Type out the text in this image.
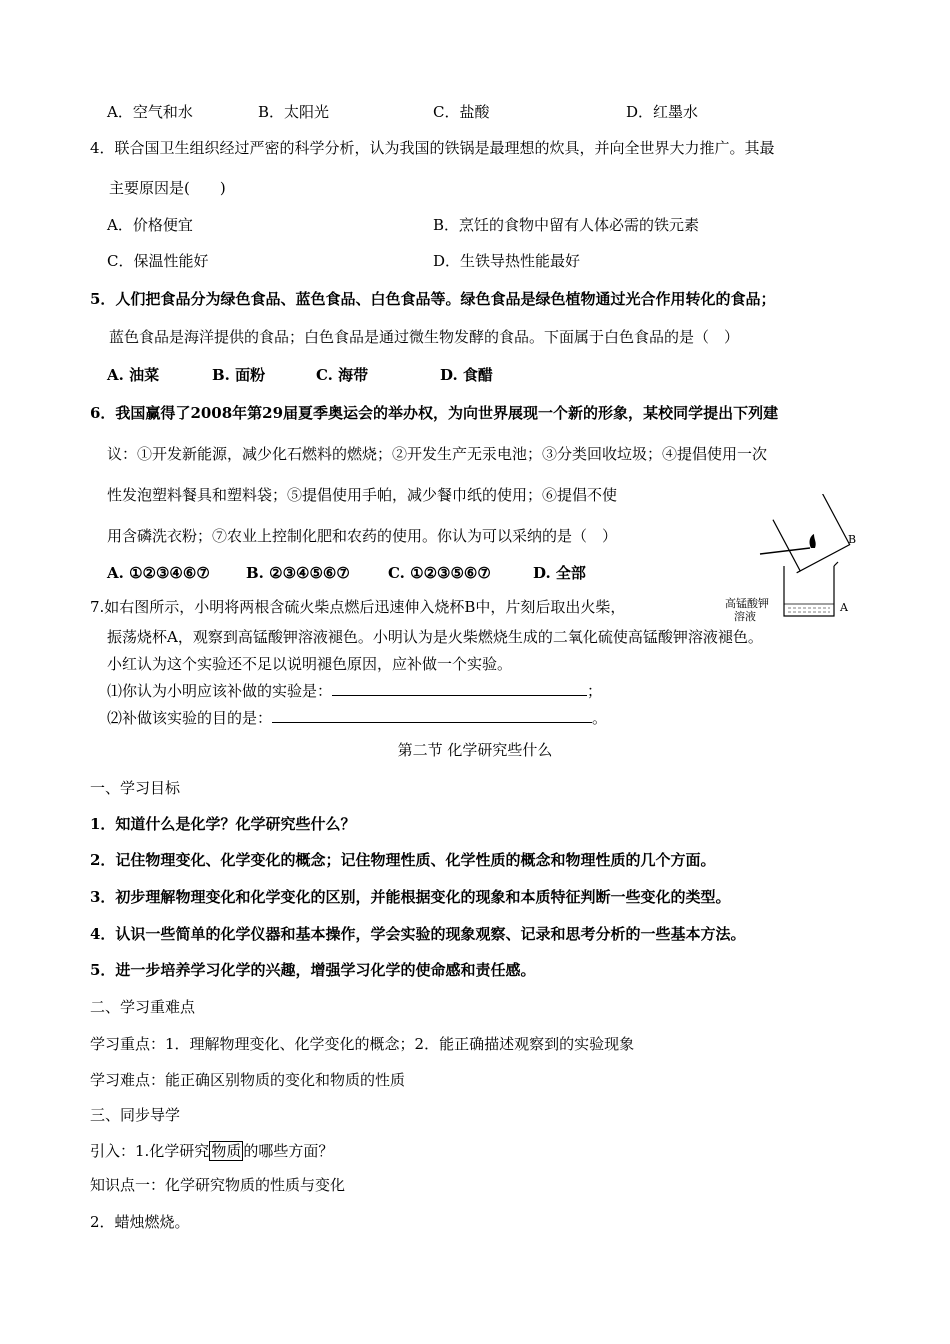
A．空气和水	B．太阳光	C．盐酸	D．红墨水
4．联合国卫生组织经过严密的科学分析，认为我国的铁锅是最理想的炊具，并向全世界大力推广。其最
主要原因是(　　)
A．价格便宜	B．烹饪的食物中留有人体必需的铁元素
C．保温性能好	D．生铁导热性能最好
5．人们把食品分为绿色食品、蓝色食品、白色食品等。绿色食品是绿色植物通过光合作用转化的食品；
蓝色食品是海洋提供的食品；白色食品是通过微生物发酵的食品。下面属于白色食品的是（　）
A. 油菜	B. 面粉	C. 海带	D. 食醋
6．我国赢得了2008年第29届夏季奥运会的举办权，为向世界展现一个新的形象，某校同学提出下列建
议：①开发新能源，减少化石燃料的燃烧；②开发生产无汞电池；③分类回收垃圾；④提倡使用一次
性发泡塑料餐具和塑料袋；⑤提倡使用手帕，减少餐巾纸的使用；⑥提倡不使
用含磷洗衣粉；⑦农业上控制化肥和农药的使用。你认为可以采纳的是（　）
A. ①②③④⑥⑦ B. ②③④⑤⑥⑦	C. ①②③⑤⑥⑦	D. 全部
B
A
高锰酸钾
溶液
7.如右图所示，小明将两根含硫火柴点燃后迅速伸入烧杯B中，片刻后取出火柴，
振荡烧杯A，观察到高锰酸钾溶液褪色。小明认为是火柴燃烧生成的二氧化硫使高锰酸钾溶液褪色。
小红认为这个实验还不足以说明褪色原因，应补做一个实验。
⑴你认为小明应该补做的实验是：	；
⑵补做该实验的目的是：	。
第二节 化学研究些什么
一、学习目标
1．知道什么是化学？化学研究些什么？
2．记住物理变化、化学变化的概念；记住物理性质、化学性质的概念和物理性质的几个方面。
3．初步理解物理变化和化学变化的区别，并能根据变化的现象和本质特征判断一些变化的类型。
4．认识一些简单的化学仪器和基本操作，学会实验的现象观察、记录和思考分析的一些基本方法。
5．进一步培养学习化学的兴趣，增强学习化学的使命感和责任感。
二、学习重难点
学习重点：1．理解物理变化、化学变化的概念；2．能正确描述观察到的实验现象
学习难点：能正确区别物质的变化和物质的性质
三、同步导学
引入：1.化学研究 物质 的哪些方面？
知识点一：化学研究物质的性质与变化
2．蜡烛燃烧。
